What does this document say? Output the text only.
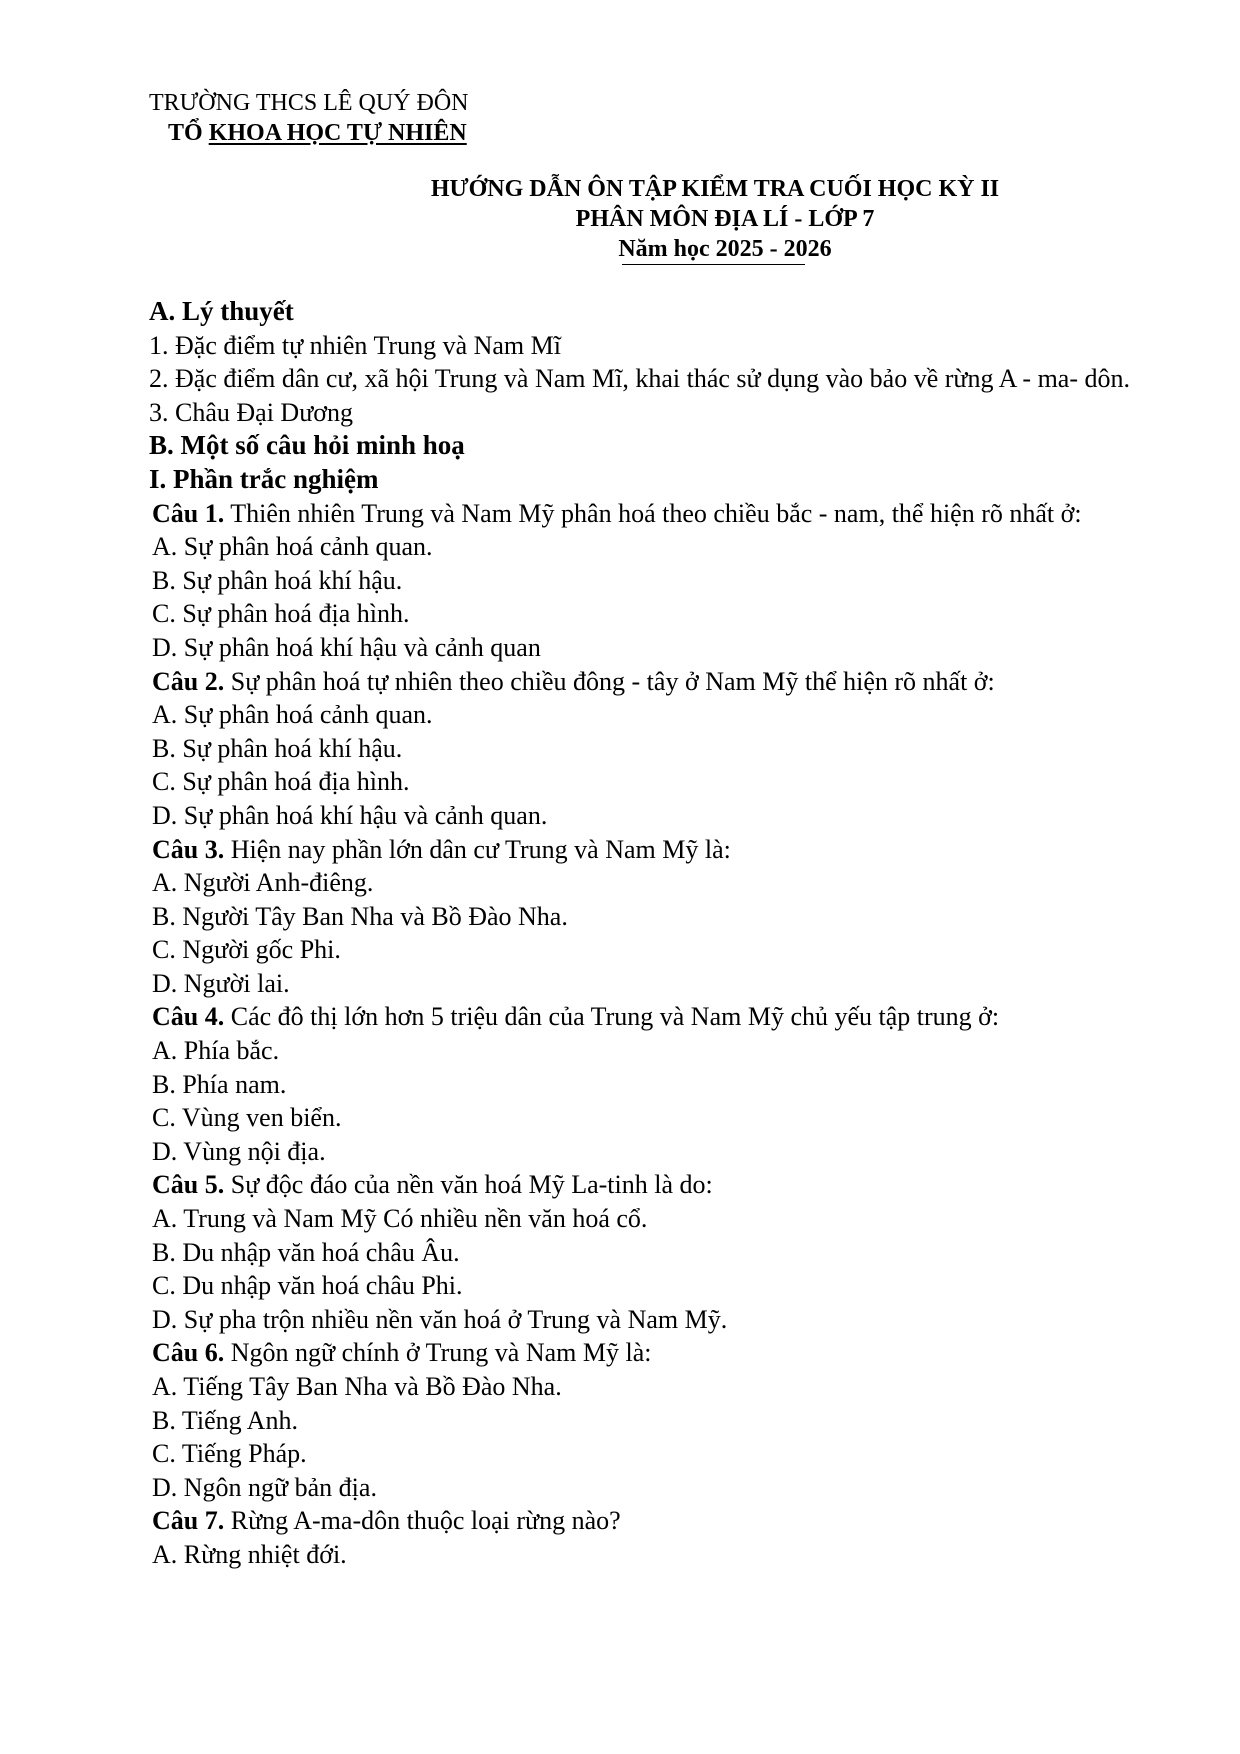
TRƯỜNG THCS LÊ QUÝ ĐÔN
TỔ KHOA HỌC TỰ NHIÊN
HƯỚNG DẪN ÔN TẬP KIỂM TRA CUỐI HỌC KỲ II
PHÂN MÔN ĐỊA LÍ - LỚP 7
Năm học 2025 - 2026

A. Lý thuyết

1. Đặc điểm tự nhiên Trung và Nam Mĩ

2. Đặc điểm dân cư, xã hội Trung và Nam Mĩ, khai thác sử dụng vào bảo về rừng A - ma- dôn.

3. Châu Đại Dương

B. Một số câu hỏi minh hoạ

I. Phần trắc nghiệm

Câu 1. Thiên nhiên Trung và Nam Mỹ phân hoá theo chiều bắc - nam, thể hiện rõ nhất ở:

A. Sự phân hoá cảnh quan.

B. Sự phân hoá khí hậu.

C. Sự phân hoá địa hình.

D. Sự phân hoá khí hậu và cảnh quan

Câu 2. Sự phân hoá tự nhiên theo chiều đông - tây ở Nam Mỹ thể hiện rõ nhất ở:

A. Sự phân hoá cảnh quan.

B. Sự phân hoá khí hậu.

C. Sự phân hoá địa hình.

D. Sự phân hoá khí hậu và cảnh quan.

Câu 3. Hiện nay phần lớn dân cư Trung và Nam Mỹ là:

A. Người Anh-điêng.

B. Người Tây Ban Nha và Bồ Đào Nha.

C. Người gốc Phi.

D. Người lai.

Câu 4. Các đô thị lớn hơn 5 triệu dân của Trung và Nam Mỹ chủ yếu tập trung ở:

A. Phía bắc.

B. Phía nam.

C. Vùng ven biển.

D. Vùng nội địa.

Câu 5. Sự độc đáo của nền văn hoá Mỹ La-tinh là do:

A. Trung và Nam Mỹ Có nhiều nền văn hoá cổ.

B. Du nhập văn hoá châu Âu.

C. Du nhập văn hoá châu Phi.

D. Sự pha trộn nhiều nền văn hoá ở Trung và Nam Mỹ.

Câu 6. Ngôn ngữ chính ở Trung và Nam Mỹ là:

A. Tiếng Tây Ban Nha và Bồ Đào Nha.

B. Tiếng Anh.

C. Tiếng Pháp.

D. Ngôn ngữ bản địa.

Câu 7. Rừng A-ma-dôn thuộc loại rừng nào?

A. Rừng nhiệt đới.
